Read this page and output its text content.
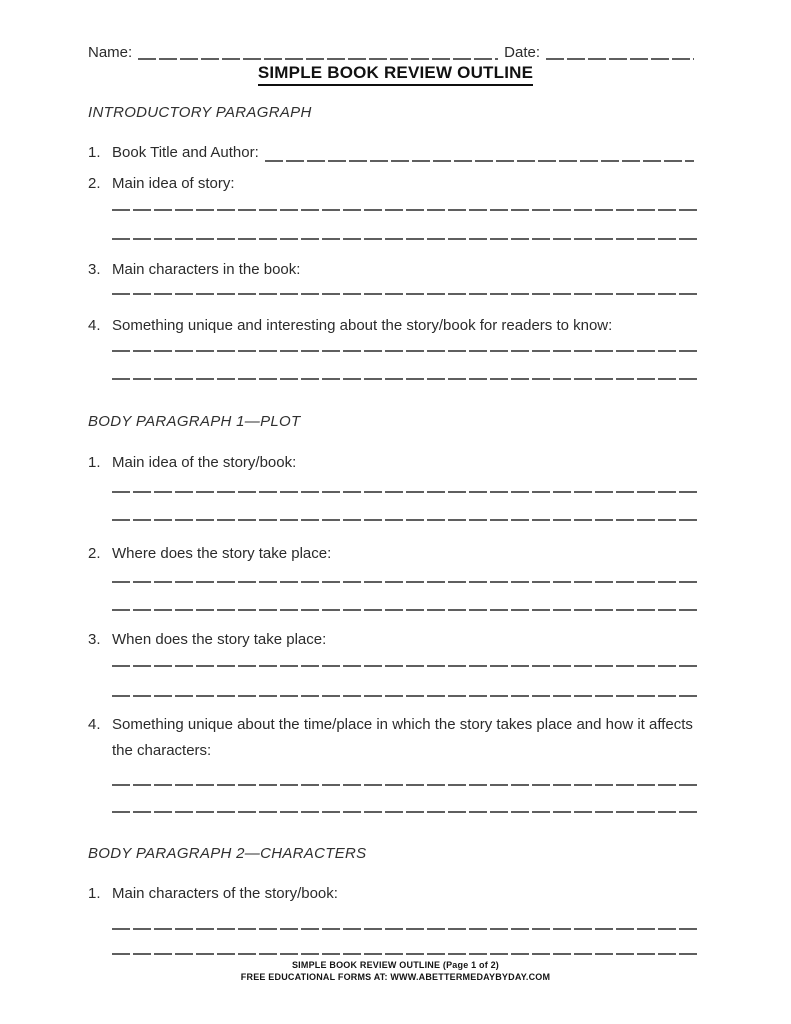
Name:	Date:
SIMPLE BOOK REVIEW OUTLINE
INTRODUCTORY PARAGRAPH
1. Book Title and Author:
2. Main idea of story:
3. Main characters in the book:
4. Something unique and interesting about the story/book for readers to know:
BODY PARAGRAPH 1—PLOT
1. Main idea of the story/book:
2. Where does the story take place:
3. When does the story take place:
4. Something unique about the time/place in which the story takes place and how it affects the characters:
BODY PARAGRAPH 2—CHARACTERS
1. Main characters of the story/book:
SIMPLE BOOK REVIEW OUTLINE (Page 1 of 2)
FREE EDUCATIONAL FORMS AT: WWW.ABETTERMEDAYBYDAY.COM
